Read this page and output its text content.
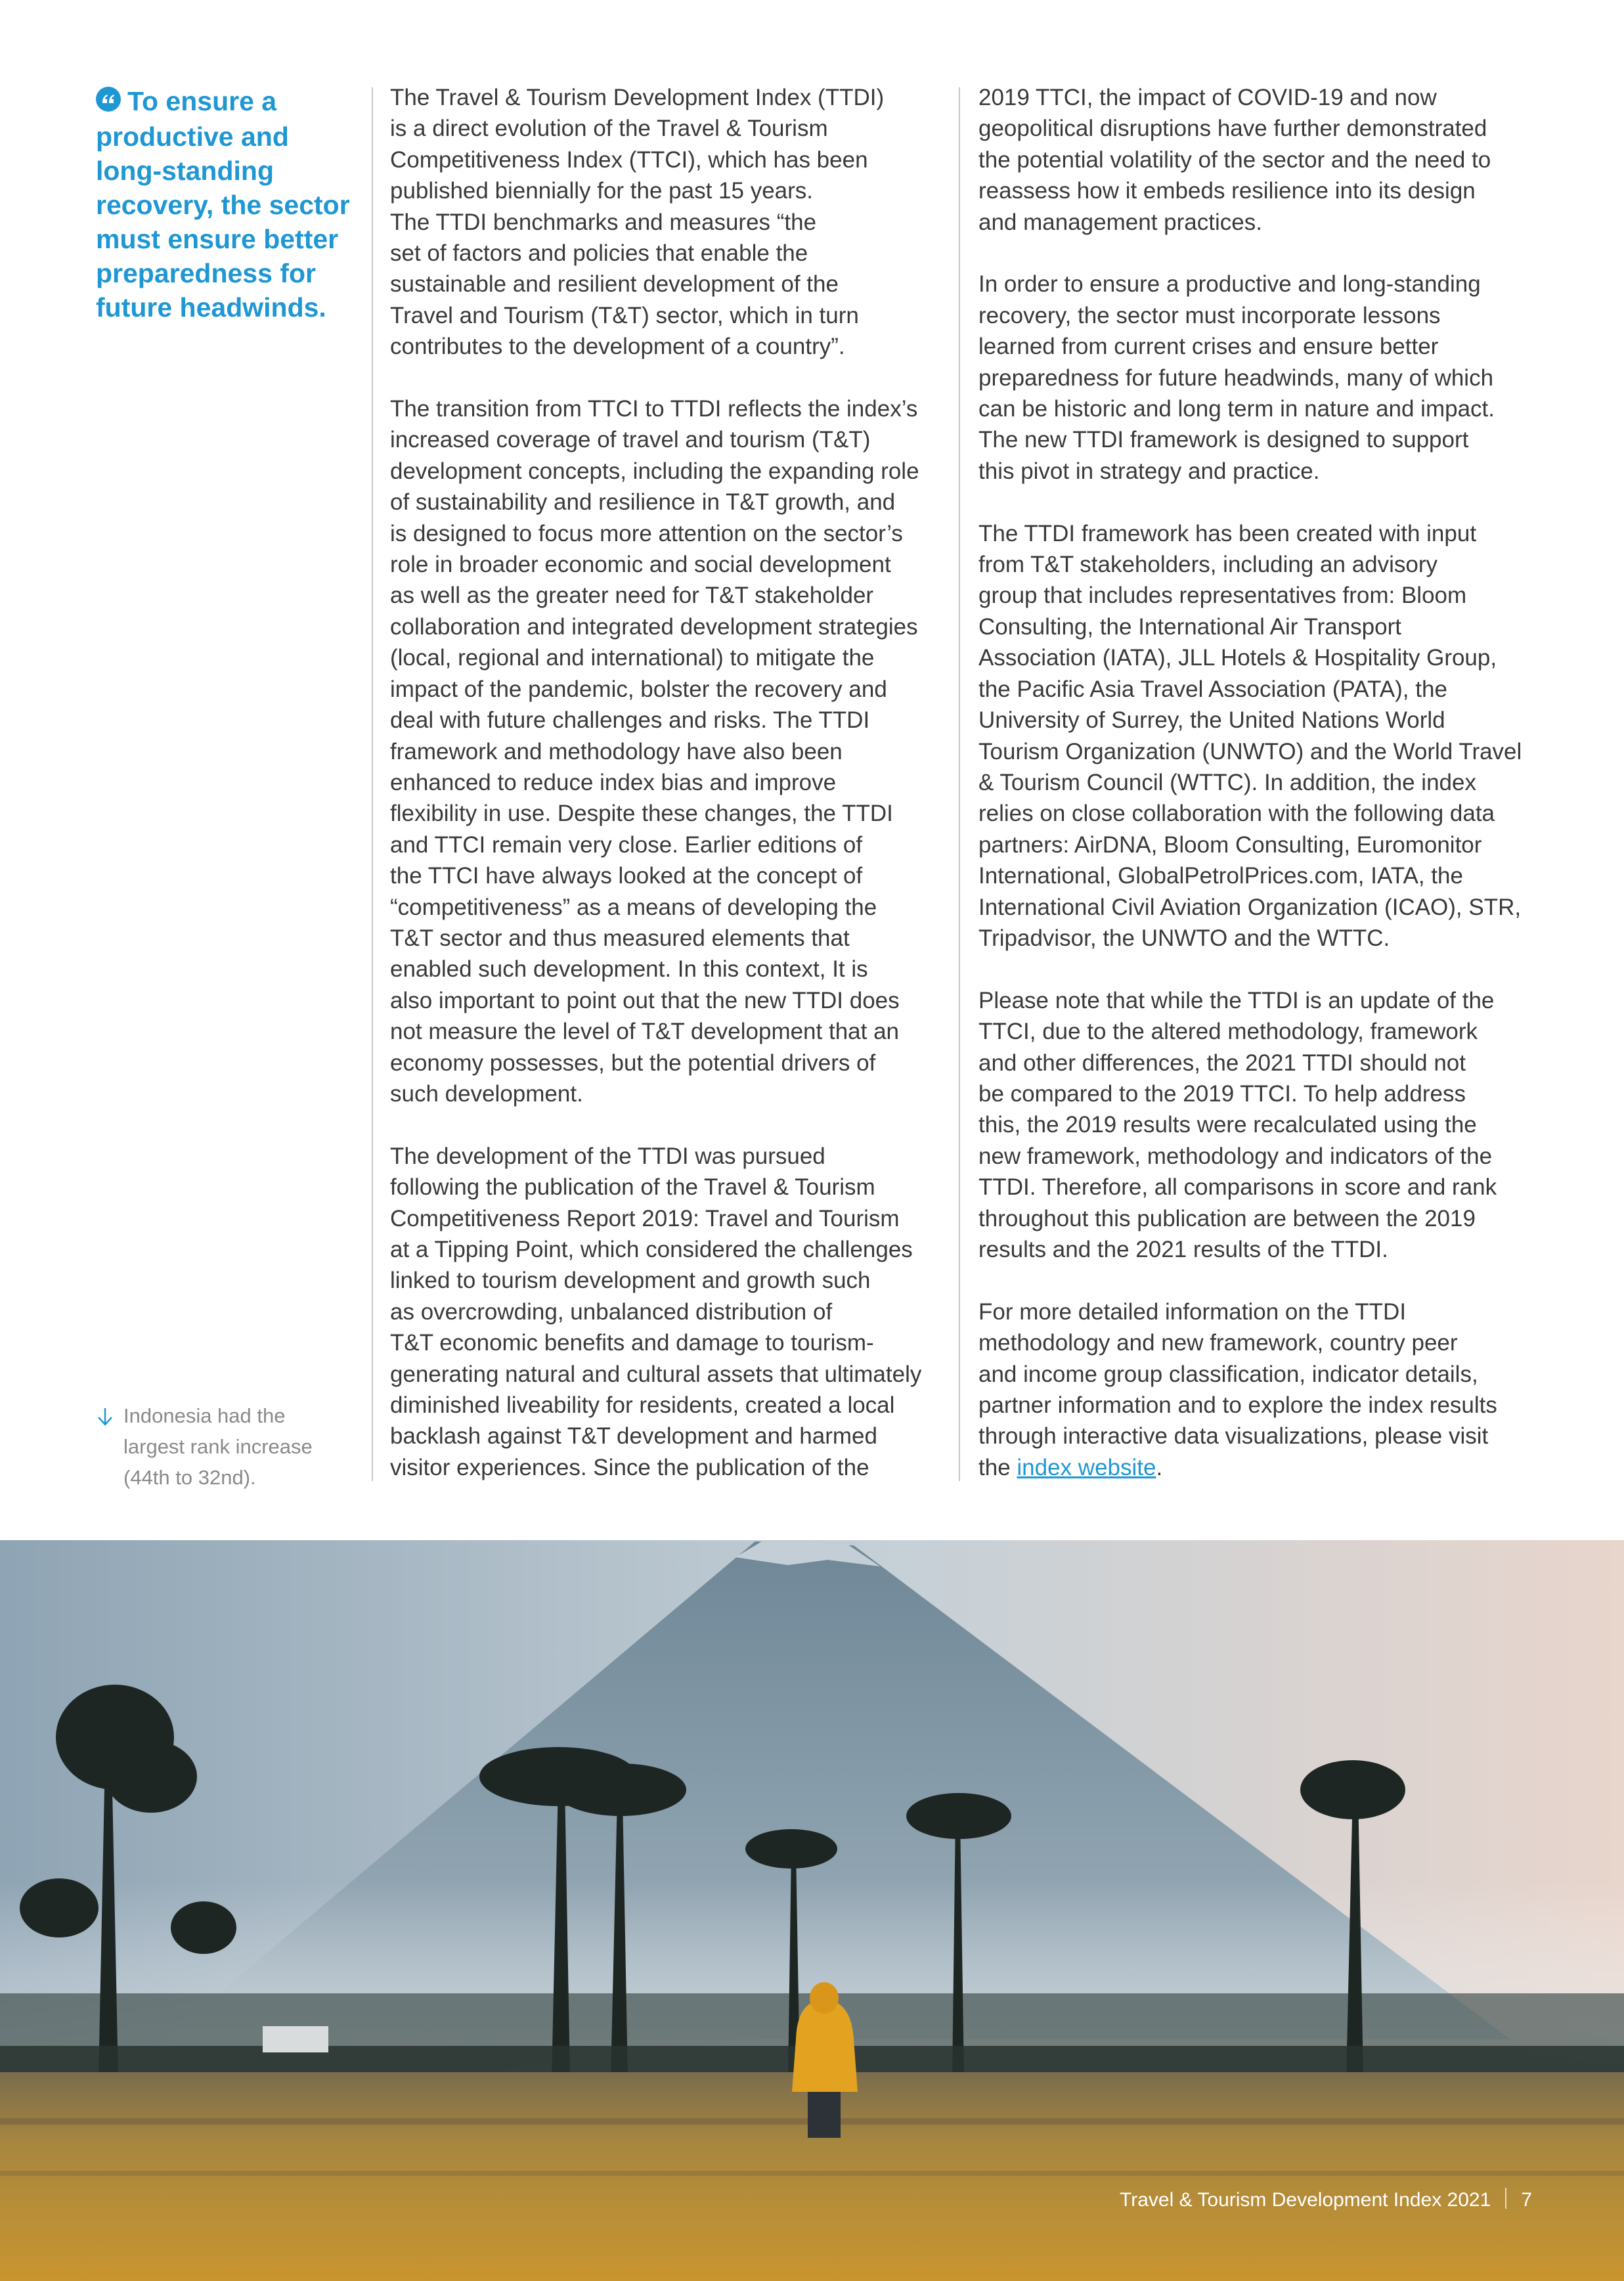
To ensure a
productive and
long-standing
recovery, the sector
must ensure better
preparedness for
future headwinds.

Indonesia had the
largest rank increase
(44th to 32nd).

The Travel & Tourism Development Index (TTDI)
is a direct evolution of the Travel & Tourism
Competitiveness Index (TTCI), which has been
published biennially for the past 15 years.
The TTDI benchmarks and measures “the
set of factors and policies that enable the
sustainable and resilient development of the
Travel and Tourism (T&T) sector, which in turn
contributes to the development of a country”.

The transition from TTCI to TTDI reflects the index’s
increased coverage of travel and tourism (T&T)
development concepts, including the expanding role
of sustainability and resilience in T&T growth, and
is designed to focus more attention on the sector’s
role in broader economic and social development
as well as the greater need for T&T stakeholder
collaboration and integrated development strategies
(local, regional and international) to mitigate the
impact of the pandemic, bolster the recovery and
deal with future challenges and risks. The TTDI
framework and methodology have also been
enhanced to reduce index bias and improve
flexibility in use. Despite these changes, the TTDI
and TTCI remain very close. Earlier editions of
the TTCI have always looked at the concept of
“competitiveness” as a means of developing the
T&T sector and thus measured elements that
enabled such development. In this context, It is
also important to point out that the new TTDI does
not measure the level of T&T development that an
economy possesses, but the potential drivers of
such development.

The development of the TTDI was pursued
following the publication of the Travel & Tourism
Competitiveness Report 2019: Travel and Tourism
at a Tipping Point, which considered the challenges
linked to tourism development and growth such
as overcrowding, unbalanced distribution of
T&T economic benefits and damage to tourism-
generating natural and cultural assets that ultimately
diminished liveability for residents, created a local
backlash against T&T development and harmed
visitor experiences. Since the publication of the

2019 TTCI, the impact of COVID-19 and now
geopolitical disruptions have further demonstrated
the potential volatility of the sector and the need to
reassess how it embeds resilience into its design
and management practices.

In order to ensure a productive and long-standing
recovery, the sector must incorporate lessons
learned from current crises and ensure better
preparedness for future headwinds, many of which
can be historic and long term in nature and impact.
The new TTDI framework is designed to support
this pivot in strategy and practice.

The TTDI framework has been created with input
from T&T stakeholders, including an advisory
group that includes representatives from: Bloom
Consulting, the International Air Transport
Association (IATA), JLL Hotels & Hospitality Group,
the Pacific Asia Travel Association (PATA), the
University of Surrey, the United Nations World
Tourism Organization (UNWTO) and the World Travel
& Tourism Council (WTTC). In addition, the index
relies on close collaboration with the following data
partners: AirDNA, Bloom Consulting, Euromonitor
International, GlobalPetrolPrices.com, IATA, the
International Civil Aviation Organization (ICAO), STR,
Tripadvisor, the UNWTO and the WTTC.

Please note that while the TTDI is an update of the
TTCI, due to the altered methodology, framework
and other differences, the 2021 TTDI should not
be compared to the 2019 TTCI. To help address
this, the 2019 results were recalculated using the
new framework, methodology and indicators of the
TTDI. Therefore, all comparisons in score and rank
throughout this publication are between the 2019
results and the 2021 results of the TTDI.

For more detailed information on the TTDI
methodology and new framework, country peer
and income group classification, indicator details,
partner information and to explore the index results
through interactive data visualizations, please visit
the index website.

Travel & Tourism Development Index 2021 7
